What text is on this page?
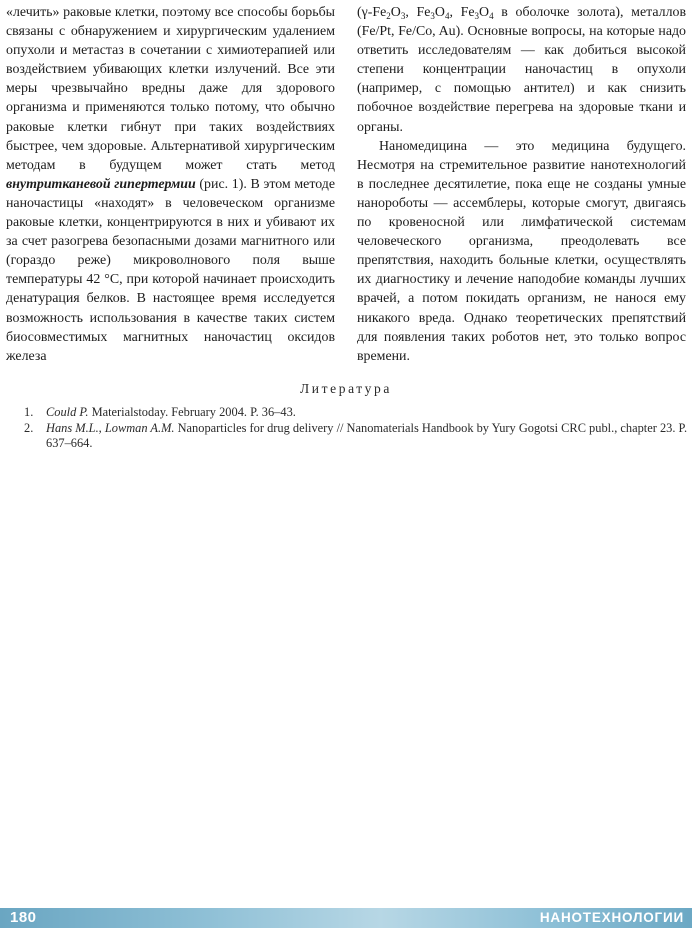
«лечить» раковые клетки, поэтому все способы борьбы связаны с обнаружением и хирургическим удалением опухоли и метастаз в сочетании с химиотерапией или воздействием убивающих клетки излучений. Все эти меры чрезвычайно вредны даже для здорового организма и применяются только потому, что обычно раковые клетки гибнут при таких воздействиях быстрее, чем здоровые. Альтернативой хирургическим методам в будущем может стать метод внутритканевой гипертермии (рис. 1). В этом методе наночастицы «находят» в человеческом организме раковые клетки, концентрируются в них и убивают их за счет разогрева безопасными дозами магнитного или (гораздо реже) микроволнового поля выше температуры 42 °С, при которой начинает происходить денатурация белков. В настоящее время исследуется возможность использования в качестве таких систем биосовместимых магнитных наночастиц оксидов железа

($\gamma-Fe_2O_3$, $Fe_3O_4$, $Fe_3O_4$ в оболочке золота), металлов (Fe/Pt, Fe/Co, Au). Основные вопросы, на которые надо ответить исследователям — как добиться высокой степени концентрации наночастиц в опухоли (например, с помощью антител) и как снизить побочное воздействие перегрева на здоровые ткани и органы.

Наномедицина — это медицина будущего. Несмотря на стремительное развитие нанотехнологий в последнее десятилетие, пока еще не созданы умные нанороботы — ассемблеры, которые смогут, двигаясь по кровеносной или лимфатической системам человеческого организма, преодолевать все препятствия, находить больные клетки, осуществлять их диагностику и лечение наподобие команды лучших врачей, а потом покидать организм, не нанося ему никакого вреда. Однако теоретических препятствий для появления таких роботов нет, это только вопрос времени.

Литература
1. Could P. Materialstoday. February 2004. P. 36–43.
2. Hans M.L., Lowman A.M. Nanoparticles for drug delivery // Nanomaterials Handbook by Yury Gogotsi CRC publ., chapter 23. P. 637–664.
180	НАНОТЕХНОЛОГИИ
